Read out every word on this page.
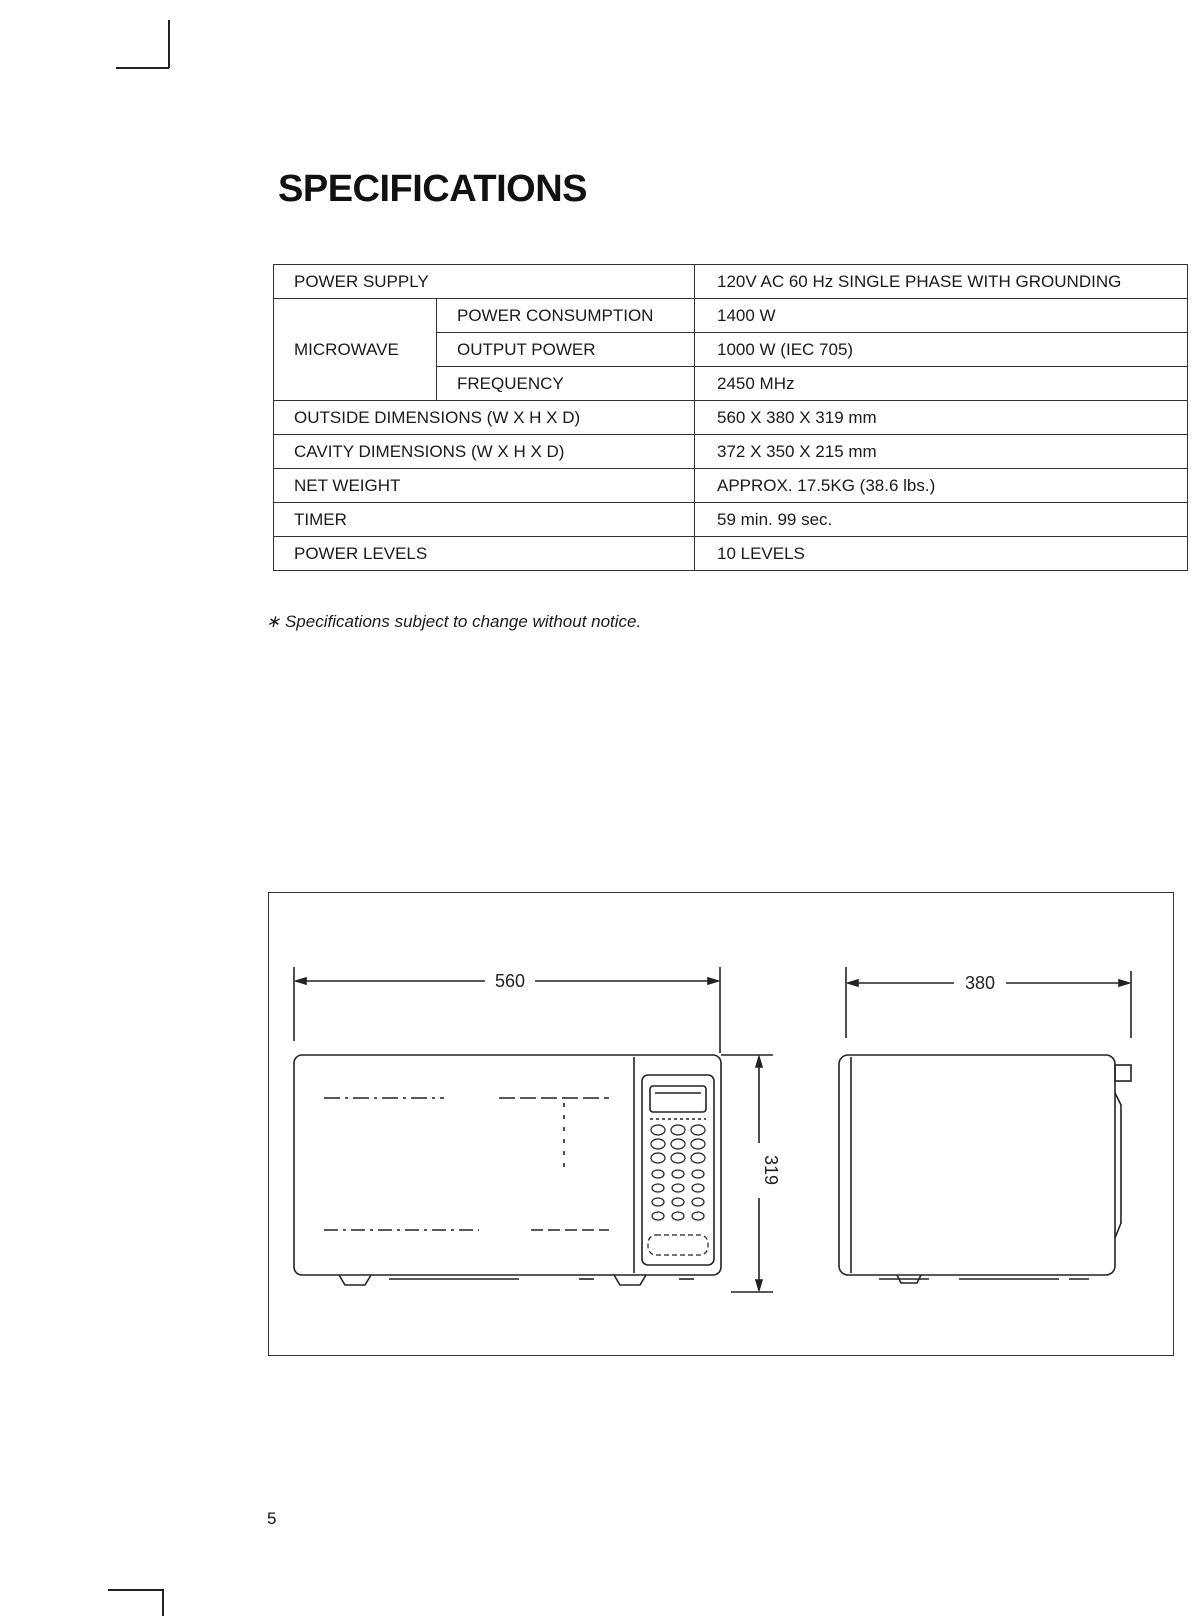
SPECIFICATIONS
POWER SUPPLY		120V AC 60 Hz SINGLE PHASE WITH GROUNDING
MICROWAVE	POWER CONSUMPTION	1400 W
	OUTPUT POWER	1000 W (IEC 705)
	FREQUENCY	2450 MHz
OUTSIDE DIMENSIONS (W X H X D)		560 X 380 X 319 mm
CAVITY DIMENSIONS (W X H X D)		372 X 350 X 215 mm
NET WEIGHT		APPROX. 17.5KG (38.6 lbs.)
TIMER		59 min. 99 sec.
POWER LEVELS		10 LEVELS
∗ Specifications subject to change without notice.
560	380
319
5
